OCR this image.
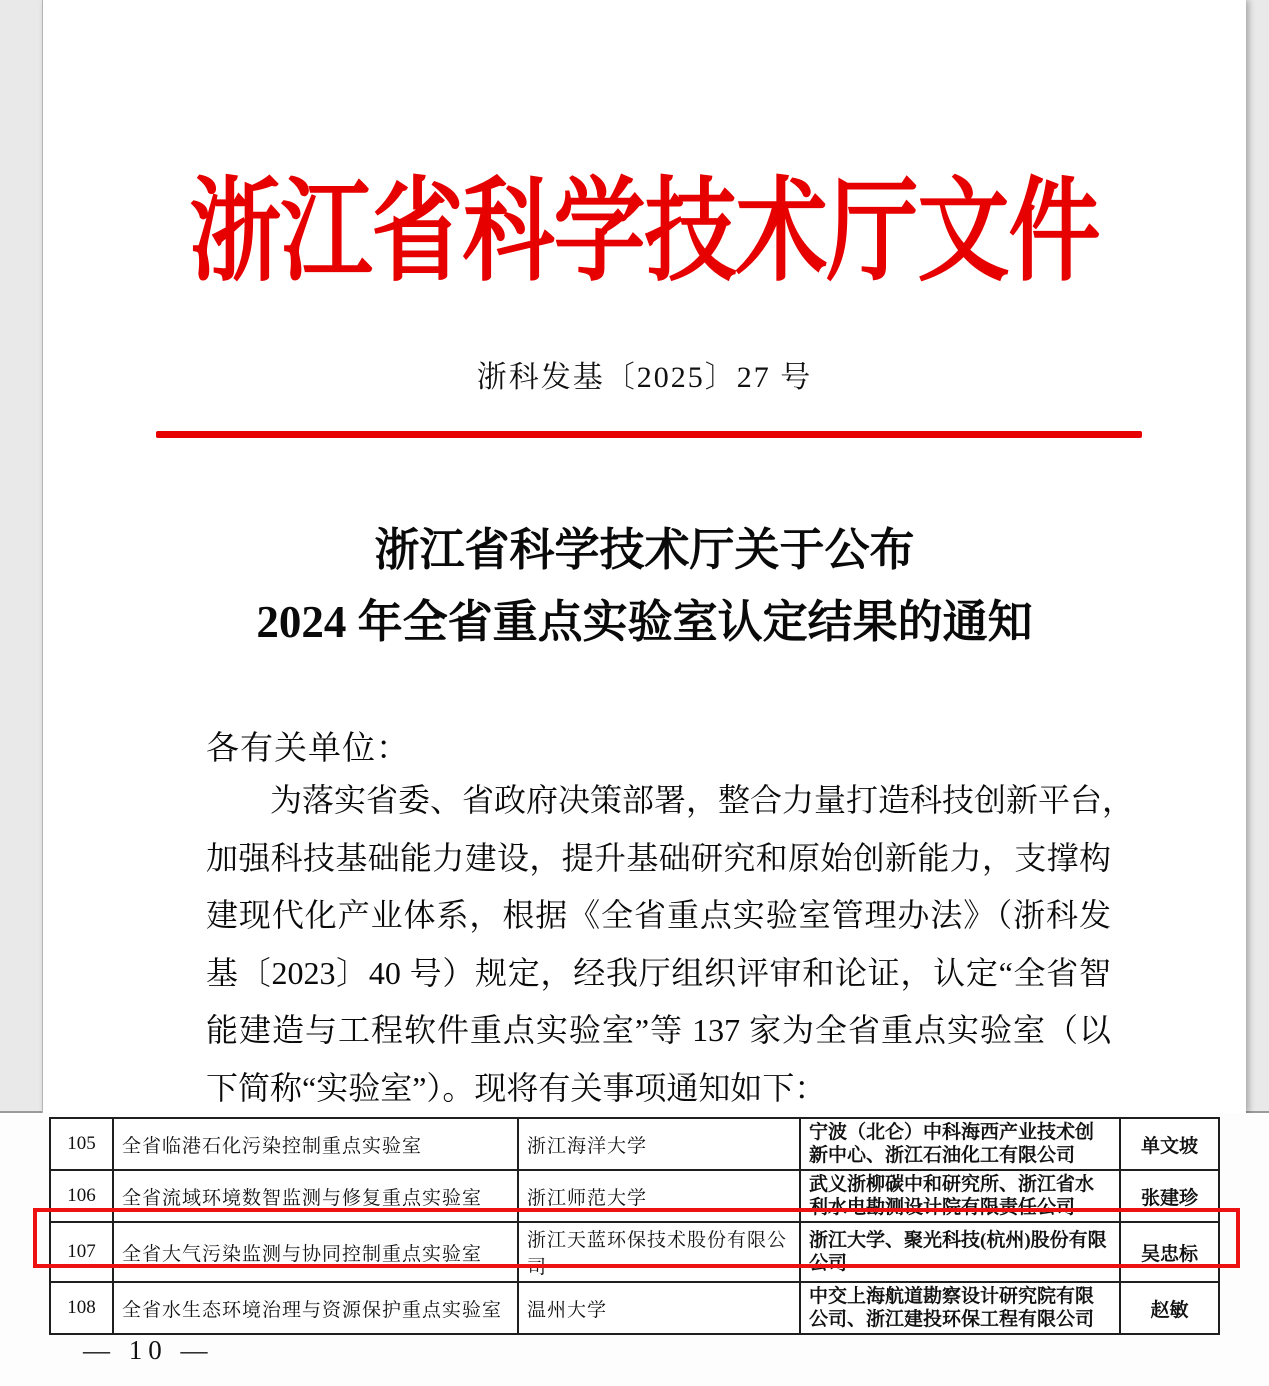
浙江省科学技术厅文件
浙科发基〔2025〕27 号
浙江省科学技术厅关于公布
2024 年全省重点实验室认定结果的通知
各有关单位：
为落实省委、省政府决策部署，整合力量打造科技创新平台，
加强科技基础能力建设，提升基础研究和原始创新能力，支撑构
建现代化产业体系，根据《全省重点实验室管理办法》（浙科发
基〔2023〕40 号）规定，经我厅组织评审和论证，认定“全省智
能建造与工程软件重点实验室”等 137 家为全省重点实验室（以
下简称“实验室”）。现将有关事项通知如下：
105	全省临港石化污染控制重点实验室	浙江海洋大学	宁波（北仑）中科海西产业技术创新中心、浙江石油化工有限公司	单文坡
106	全省流域环境数智监测与修复重点实验室	浙江师范大学	武义浙柳碳中和研究所、浙江省水利水电勘测设计院有限责任公司	张建珍
107	全省大气污染监测与协同控制重点实验室	浙江天蓝环保技术股份有限公司	浙江大学、聚光科技(杭州)股份有限公司	吴忠标
108	全省水生态环境治理与资源保护重点实验室	温州大学	中交上海航道勘察设计研究院有限公司、浙江建投环保工程有限公司	赵敏
— 10 —
